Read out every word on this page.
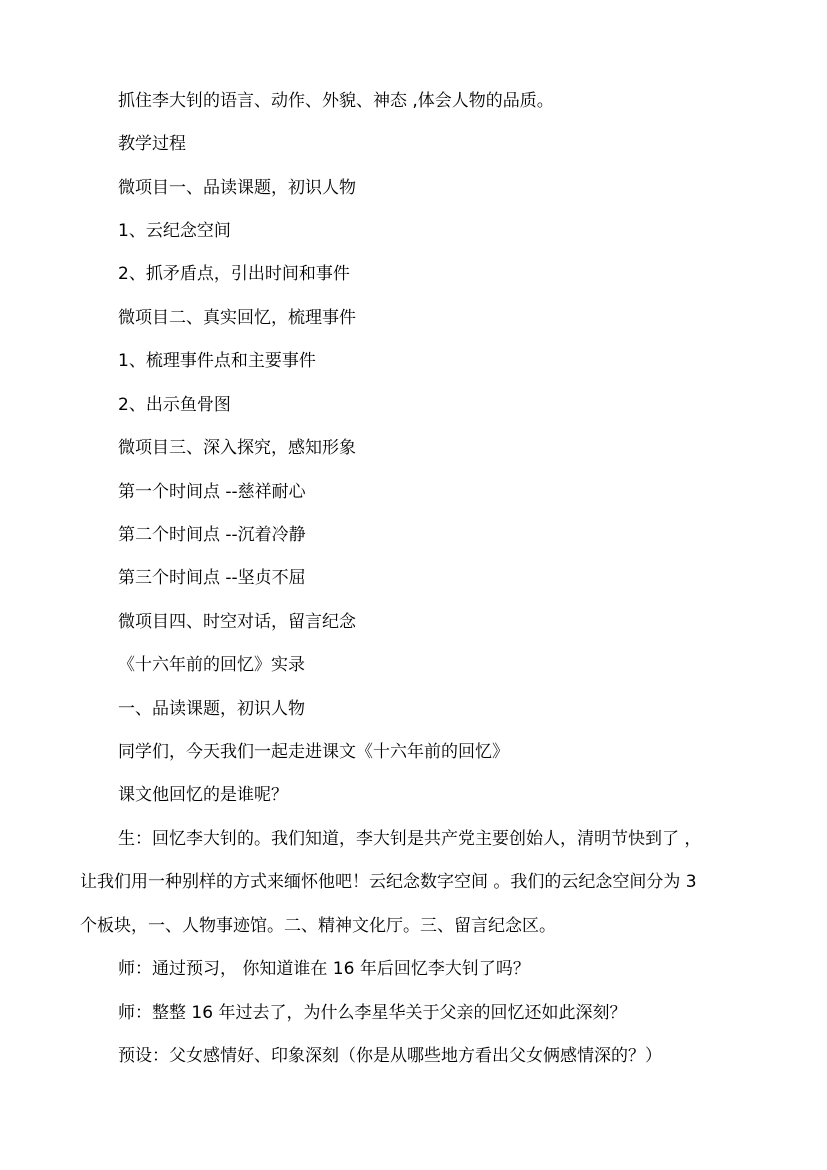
抓住李大钊的语言、动作、外貌、神态 ,体会人物的品质。
教学过程
微项目一、品读课题，初识人物
1、云纪念空间
2、抓矛盾点，引出时间和事件
微项目二、真实回忆，梳理事件
1、梳理事件点和主要事件
2、出示鱼骨图
微项目三、深入探究，感知形象
第一个时间点 --慈祥耐心
第二个时间点 --沉着冷静
第三个时间点 --坚贞不屈
微项目四、时空对话，留言纪念
《十六年前的回忆》实录
一、品读课题，初识人物
同学们，今天我们一起走进课文《十六年前的回忆》
课文他回忆的是谁呢？
生：回忆李大钊的。我们知道，李大钊是共产党主要创始人，清明节快到了 ，
让我们用一种别样的方式来缅怀他吧！云纪念数字空间 。我们的云纪念空间分为 3
个板块，一、人物事迹馆。二、精神文化厅。三、留言纪念区。
师：通过预习， 你知道谁在 16 年后回忆李大钊了吗？
师：整整 16 年过去了，为什么李星华关于父亲的回忆还如此深刻？
预设：父女感情好、印象深刻（你是从哪些地方看出父女俩感情深的？）
